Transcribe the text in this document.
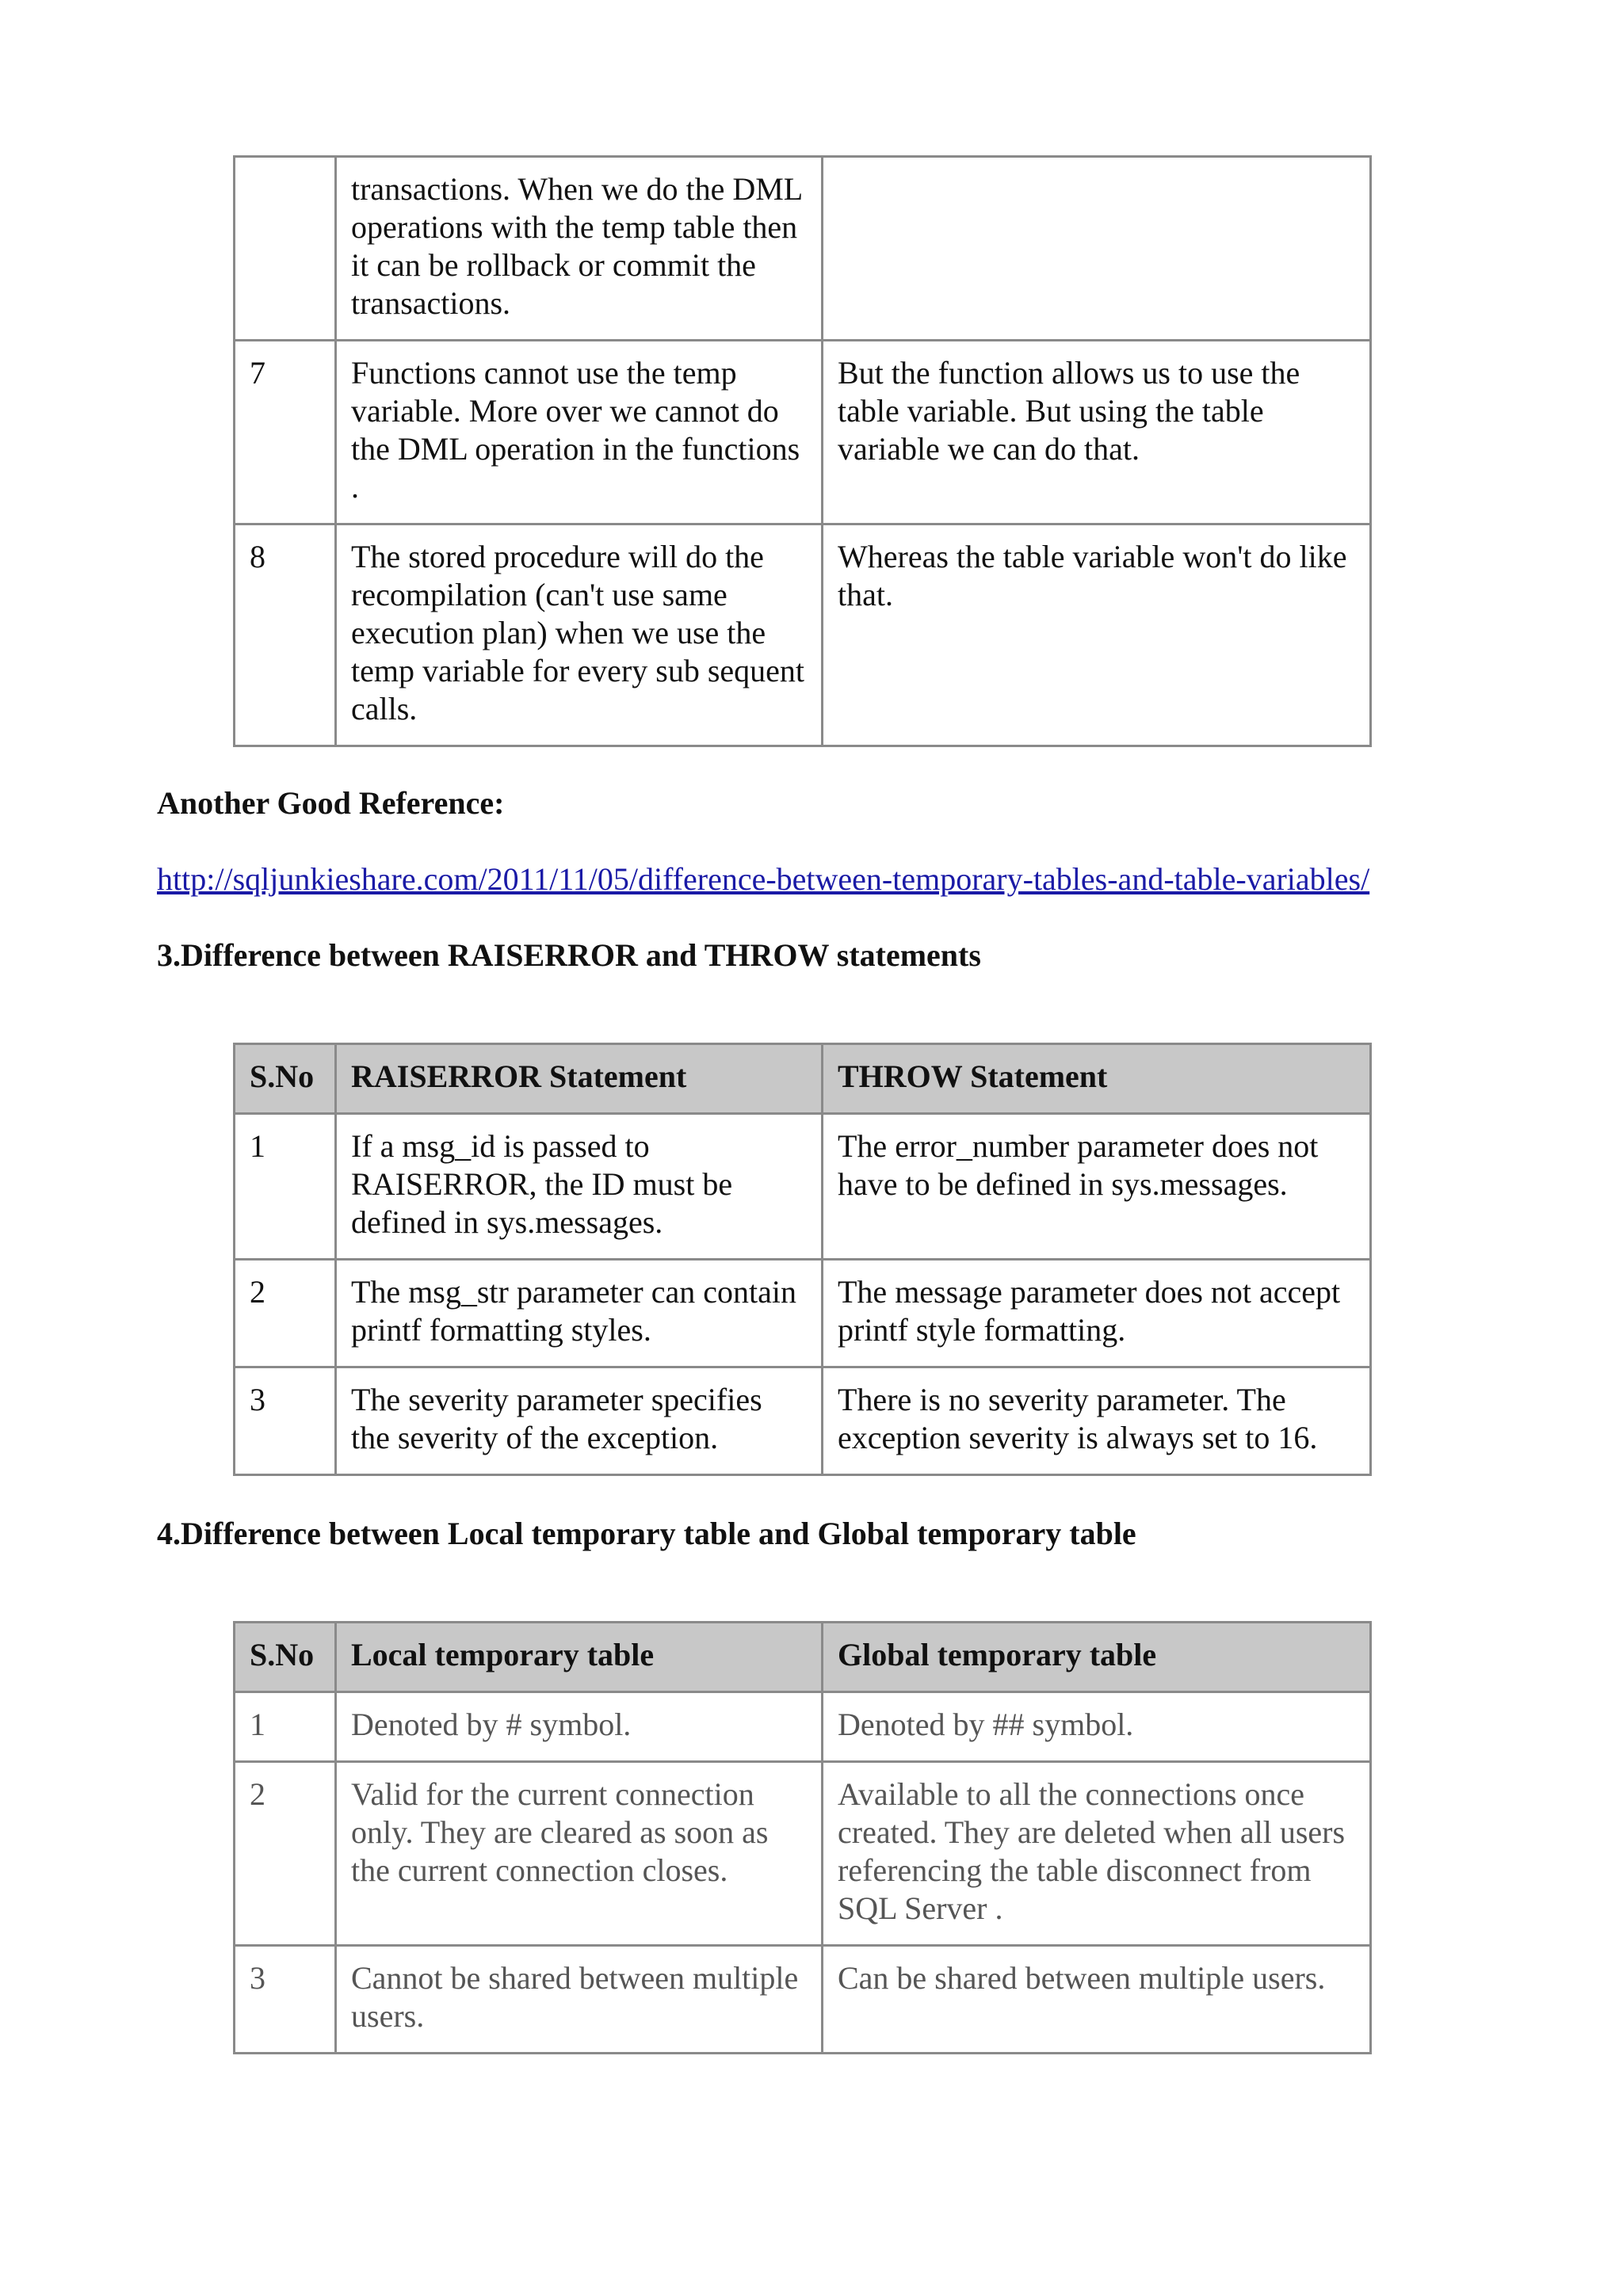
	transactions. When we do the DML operations with the temp table then it can be rollback or commit the transactions.	
7	Functions cannot use the temp variable. More over we cannot do the DML operation in the functions .	But the function allows us to use the table variable. But using the table variable we can do that.
8	The stored procedure will do the recompilation (can't use same execution plan) when we use the temp variable for every sub sequent calls.	Whereas the table variable won't do like that.
Another Good Reference:
http://sqljunkieshare.com/2011/11/05/difference-between-temporary-tables-and-table-variables/
3.Difference between RAISERROR and THROW statements
S.No	RAISERROR Statement	THROW Statement
1	If a msg_id is passed to RAISERROR, the ID must be defined in sys.messages.	The error_number parameter does not have to be defined in sys.messages.
2	The msg_str parameter can contain printf formatting styles.	The message parameter does not accept printf style formatting.
3	The severity parameter specifies the severity of the exception.	There is no severity parameter. The exception severity is always set to 16.
4.Difference between Local temporary table and Global temporary table
S.No	Local temporary table	Global temporary table
1	Denoted by # symbol.	Denoted by ## symbol.
2	Valid for the current connection only. They are cleared as soon as the current connection closes.	Available to all the connections once created. They are deleted when all users referencing the table disconnect from SQL Server .
3	Cannot be shared between multiple users.	Can be shared between multiple users.
